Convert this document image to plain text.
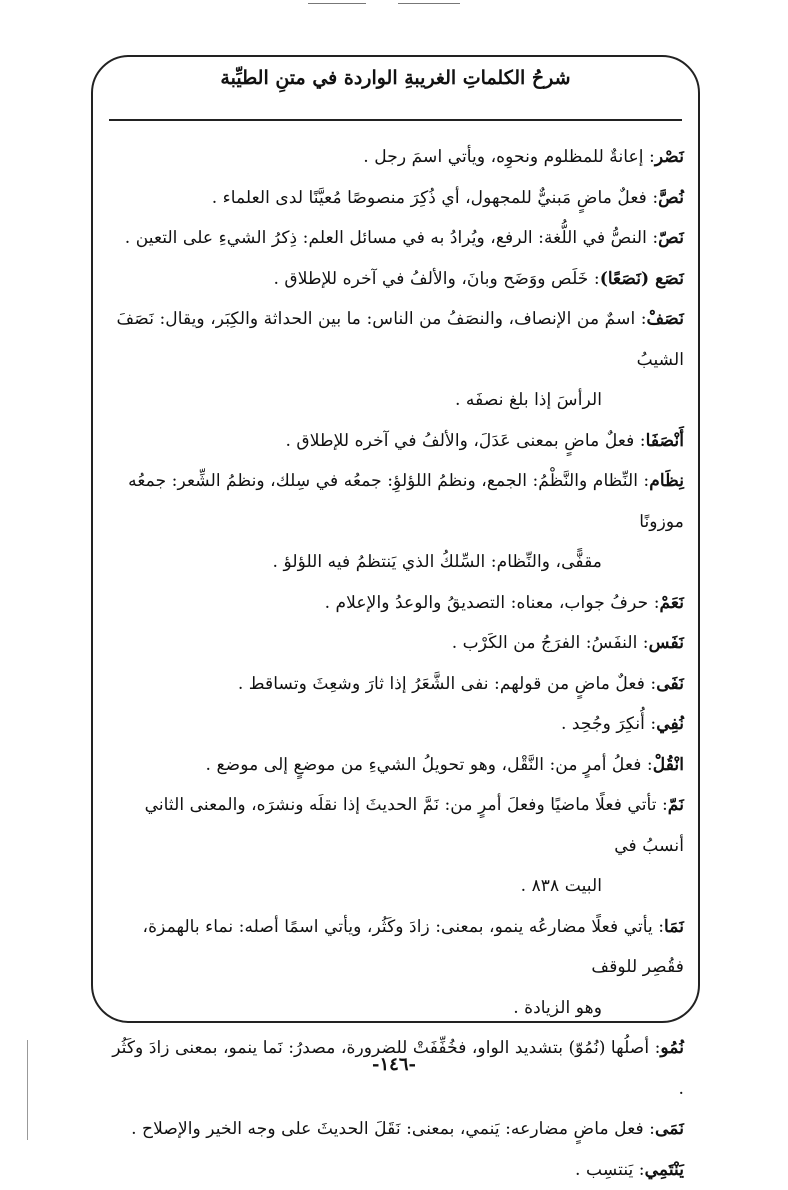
شرحُ الكلماتِ الغريبةِ الواردة في متنِ الطيِّبة

نَصْر: إعانةٌ للمظلوم ونحوِه، ويأتي اسمَ رجل .

نُصَّ: فعلٌ ماضٍ مَبنيٌّ للمجهول، أي ذُكِرَ منصوصًا مُعيَّنًا لدى العلماء .

نَصّ: النصُّ في اللُّغة: الرفع، ويُرادُ به في مسائل العلم: ذِكرُ الشيءِ على التعين .

نَصَع (نَصَعًا): خَلَص ووَضَح وبانَ، والألفُ في آخره للإطلاق .

نَصَفْ: اسمٌ من الإنصاف، والنصَفُ من الناس: ما بين الحداثة والكِبَر، ويقال: نَصَفَ الشيبُ
الرأسَ إذا بلغ نصفَه .

أَنْصَفَا: فعلٌ ماضٍ بمعنى عَدَلَ، والألفُ في آخره للإطلاق .

نِظَام: النِّظام والنَّظْمُ: الجمع، ونظمُ اللؤلؤِ: جمعُه في سِلك، ونظمُ الشِّعر: جمعُه موزونًا
مقفًّى، والنِّظام: السِّلكُ الذي يَنتظمُ فيه اللؤلؤ .

نَعَمْ: حرفُ جواب، معناه: التصديقُ والوعدُ والإعلام .

نَفَس: النفَسُ: الفرَجُ من الكَرْب .

نَفَى: فعلٌ ماضٍ من قولهم: نفى الشَّعَرُ إذا ثارَ وشعِثَ وتساقط .

نُفِي: أُنكِرَ وجُحِد .

انْقُلْ: فعلُ أمرٍ من: النَّقْل، وهو تحويلُ الشيءِ من موضعٍ إلى موضع .

نَمّ: تأتي فعلًا ماضيًا وفعلَ أمرٍ من: نَمَّ الحديثَ إذا نقلَه ونشرَه، والمعنى الثاني أنسبُ في
البيت ٨٣٨ .

نَمَا: يأتي فعلًا مضارعُه ينمو، بمعنى: زادَ وكَثُر، ويأتي اسمًا أصله: نماء بالهمزة، فقُصِر للوقف
وهو الزيادة .

نُمُو: أصلُها (نُمُوّ) بتشديد الواو، فخُفِّفَتْ للضرورة، مصدرُ: نَما ينمو، بمعنى زادَ وكَثُر .

نَمَى: فعل ماضٍ مضارعه: يَنمي، بمعنى: نَقَلَ الحديثَ على وجه الخير والإصلاح .

يَنْتَمِي: يَنتسِب .

-١٤٦-
